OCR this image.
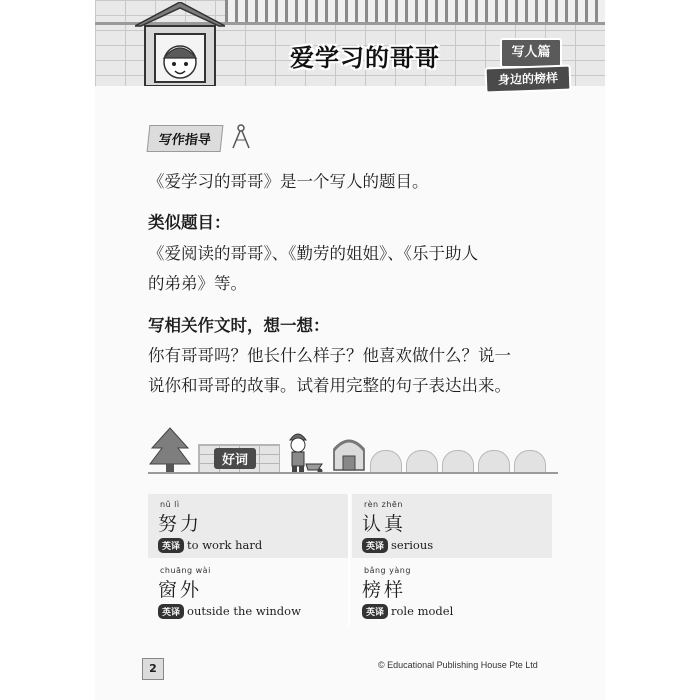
爱学习的哥哥	写人篇
身边的榜样
写作指导
《爱学习的哥哥》是一个写人的题目。
类似题目：
《爱阅读的哥哥》、《勤劳的姐姐》、《乐于助人
的弟弟》等。
写相关作文时，想一想：
你有哥哥吗？他长什么样子？他喜欢做什么？说一
说你和哥哥的故事。试着用完整的句子表达出来。
好词
nǔ lì
努力
英译 to work hard
rèn zhēn
认真
英译 serious
chuāng wài
窗外
英译 outside the window
bǎng yàng
榜样
英译 role model
2	© Educational Publishing House Pte Ltd
